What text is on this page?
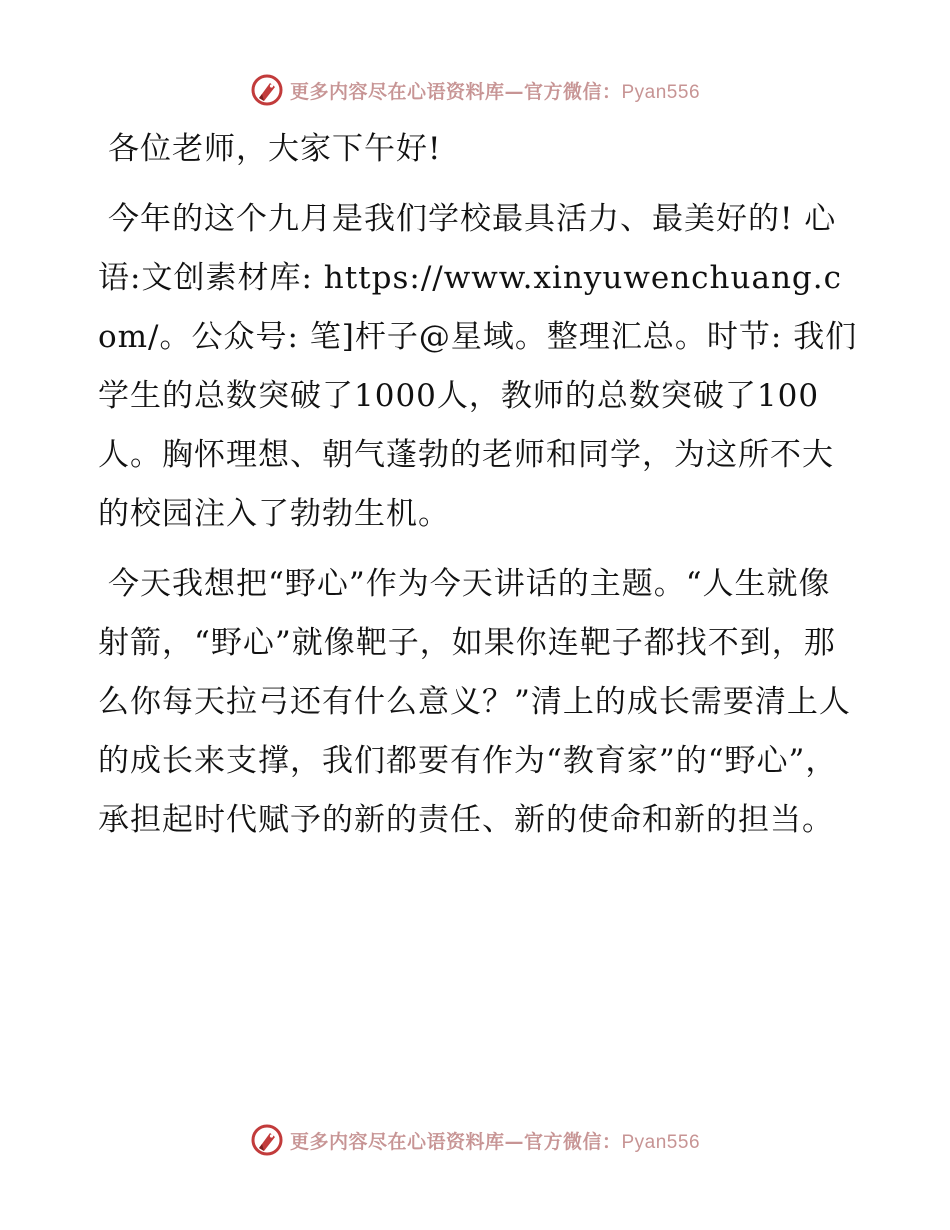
更多内容尽在心语资料库—官方微信：Pyan556

各位老师，大家下午好!

今年的这个九月是我们学校最具活力、最美好的! 心语:文创素材库: https://www.xinyuwenchuang.com/。公众号: 笔]杆子@星域。整理汇总。时节: 我们学生的总数突破了1000人，教师的总数突破了100人。胸怀理想、朝气蓬勃的老师和同学，为这所不大的校园注入了勃勃生机。

今天我想把“野心”作为今天讲话的主题。“人生就像射箭，“野心”就像靶子，如果你连靶子都找不到，那么你每天拉弓还有什么意义？”清上的成长需要清上人的成长来支撑，我们都要有作为“教育家”的“野心”，承担起时代赋予的新的责任、新的使命和新的担当。

更多内容尽在心语资料库—官方微信：Pyan556
